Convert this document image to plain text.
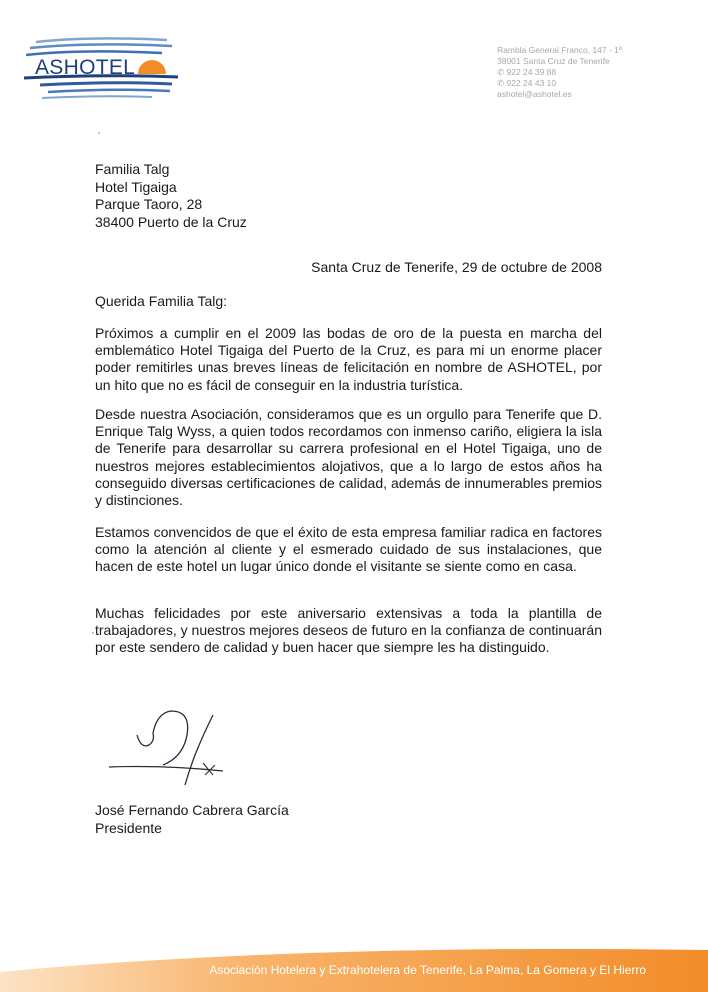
ASHOTEL
Rambla General Franco, 147 - 1º
38001 Santa Cruz de Tenerife
✆ 922 24 39 88
✆ 922 24 43 10
ashotel@ashotel.es
Familia Talg
Hotel Tigaiga
Parque Taoro, 28
38400 Puerto de la Cruz
Santa Cruz de Tenerife, 29 de octubre de 2008
Querida Familia Talg:
Próximos a cumplir en el 2009 las bodas de oro de la puesta en marcha del emblemático Hotel Tigaiga del Puerto de la Cruz, es para mi un enorme placer poder remitirles unas breves líneas de felicitación en nombre de ASHOTEL, por un hito que no es fácil de conseguir en la industria turística.
Desde nuestra Asociación, consideramos que es un orgullo para Tenerife que D. Enrique Talg Wyss, a quien todos recordamos con inmenso cariño, eligiera la isla de Tenerife para desarrollar su carrera profesional en el Hotel Tigaiga, uno de nuestros mejores establecimientos alojativos, que a lo largo de estos años ha conseguido diversas certificaciones de calidad, además de innumerables premios y distinciones.
Estamos convencidos de que el éxito de esta empresa familiar radica en factores como la atención al cliente y el esmerado cuidado de sus instalaciones, que hacen de este hotel un lugar único donde el visitante se siente como en casa.
Muchas felicidades por este aniversario extensivas a toda la plantilla de trabajadores, y nuestros mejores deseos de futuro en la confianza de continuarán por este sendero de calidad y buen hacer que siempre les ha distinguido.
José Fernando Cabrera García
Presidente
Asociación Hotelera y Extrahotelera de Tenerife, La Palma, La Gomera y El Hierro
